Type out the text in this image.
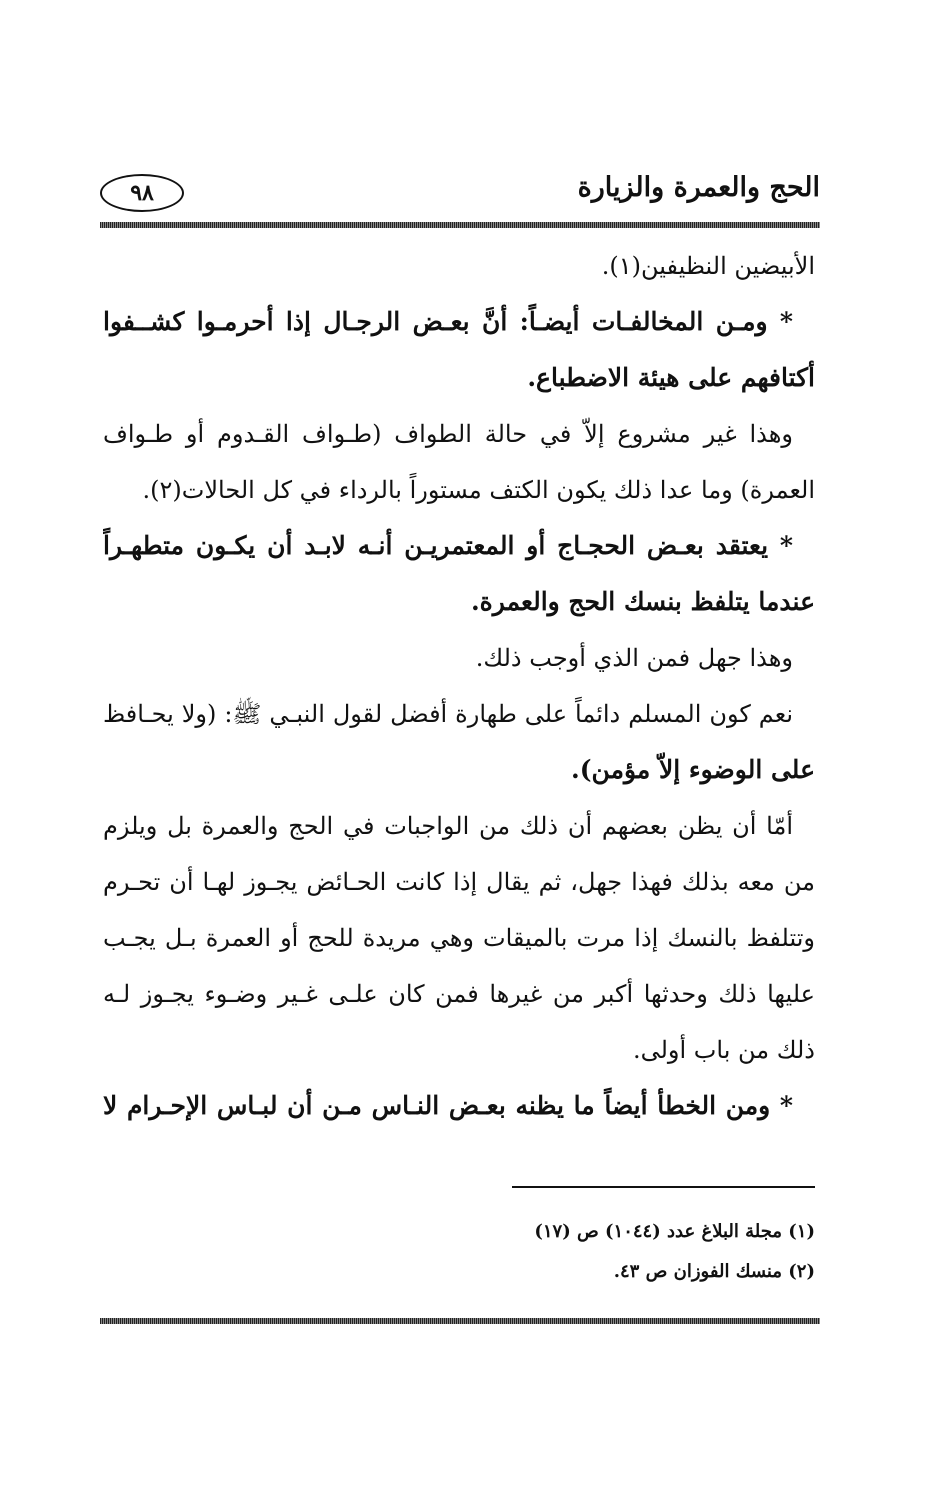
الحج والعمرة والزيارة
٩٨
الأبيضين النظيفين(١).
* ومـن المخالفـات أيضـاً: أنَّ بعـض الرجـال إذا أحرمـوا كشــفوا
أكتافهم على هيئة الاضطباع.
وهذا غير مشروع إلاّ في حالة الطواف (طـواف القـدوم أو طـواف
العمرة) وما عدا ذلك يكون الكتف مستوراً بالرداء في كل الحالات(٢).
* يعتقد بعـض الحجـاج أو المعتمريـن أنـه لابـد أن يكـون متطهـراً
عندما يتلفظ بنسك الحج والعمرة.
وهذا جهل فمن الذي أوجب ذلك.
نعم كون المسلم دائماً على طهارة أفضل لقول النبـي ﷺ: (ولا يحـافظ
على الوضوء إلاّ مؤمن).
أمّا أن يظن بعضهم أن ذلك من الواجبات في الحج والعمرة بل ويلزم
من معه بذلك فهذا جهل، ثم يقال إذا كانت الحـائض يجـوز لهـا أن تحـرم
وتتلفظ بالنسك إذا مرت بالميقات وهي مريدة للحج أو العمرة بـل يجـب
عليها ذلك وحدثها أكبر من غيرها فمن كان علـى غـير وضـوء يجـوز لـه
ذلك من باب أولى.
* ومن الخطأ أيضاً ما يظنه بعـض النـاس مـن أن لبـاس الإحـرام لا
(١) مجلة البلاغ عدد (١٠٤٤) ص (١٧)
(٢) منسك الفوزان ص ٤٣.
